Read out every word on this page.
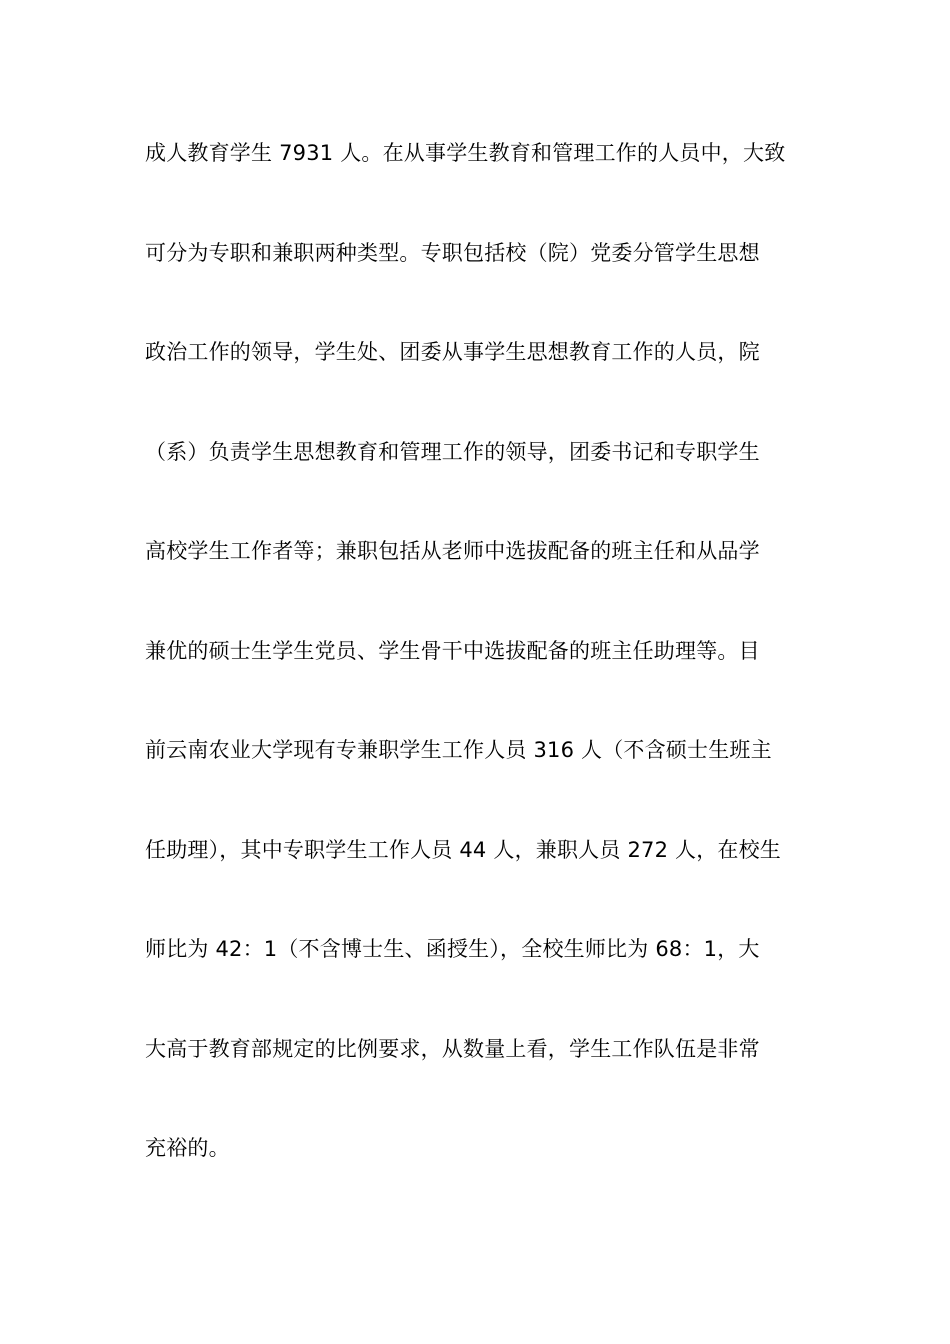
成人教育学生 7931 人。在从事学生教育和管理工作的人员中，大致
可分为专职和兼职两种类型。专职包括校（院）党委分管学生思想
政治工作的领导，学生处、团委从事学生思想教育工作的人员，院
（系）负责学生思想教育和管理工作的领导，团委书记和专职学生
高校学生工作者等；兼职包括从老师中选拔配备的班主任和从品学
兼优的硕士生学生党员、学生骨干中选拔配备的班主任助理等。目
前云南农业大学现有专兼职学生工作人员 316 人（不含硕士生班主
任助理），其中专职学生工作人员 44 人，兼职人员 272 人，在校生
师比为 42：1（不含博士生、函授生），全校生师比为 68：1，大
大高于教育部规定的比例要求，从数量上看，学生工作队伍是非常
充裕的。
